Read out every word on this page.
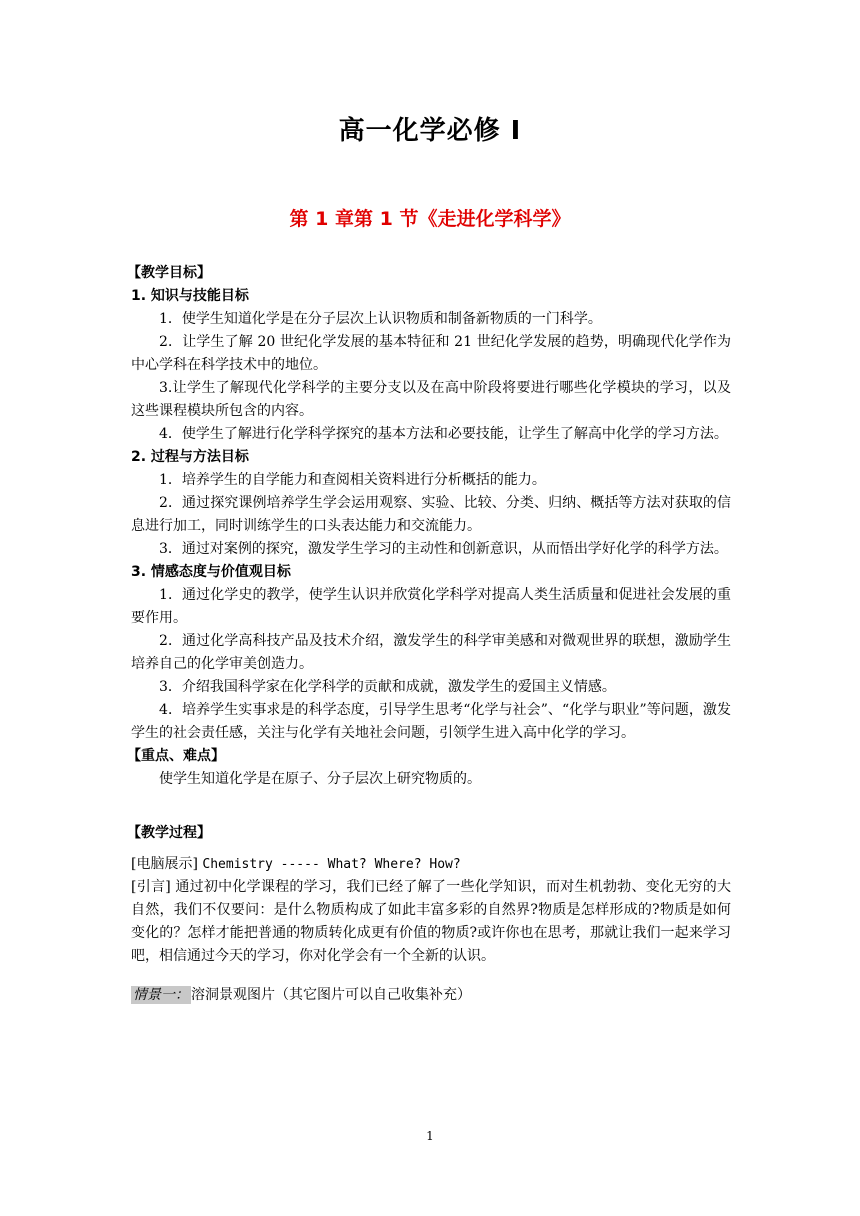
高一化学必修 I
第 1 章第 1 节《走进化学科学》
【教学目标】
1. 知识与技能目标
1．使学生知道化学是在分子层次上认识物质和制备新物质的一门科学。
2．让学生了解 20 世纪化学发展的基本特征和 21 世纪化学发展的趋势，明确现代化学作为中心学科在科学技术中的地位。
3.让学生了解现代化学科学的主要分支以及在高中阶段将要进行哪些化学模块的学习，以及这些课程模块所包含的内容。
4．使学生了解进行化学科学探究的基本方法和必要技能，让学生了解高中化学的学习方法。
2. 过程与方法目标
1．培养学生的自学能力和查阅相关资料进行分析概括的能力。
2．通过探究课例培养学生学会运用观察、实验、比较、分类、归纳、概括等方法对获取的信息进行加工，同时训练学生的口头表达能力和交流能力。
3．通过对案例的探究，激发学生学习的主动性和创新意识，从而悟出学好化学的科学方法。
3. 情感态度与价值观目标
1．通过化学史的教学，使学生认识并欣赏化学科学对提高人类生活质量和促进社会发展的重要作用。
2．通过化学高科技产品及技术介绍，激发学生的科学审美感和对微观世界的联想，激励学生培养自己的化学审美创造力。
3．介绍我国科学家在化学科学的贡献和成就，激发学生的爱国主义情感。
4．培养学生实事求是的科学态度，引导学生思考“化学与社会”、“化学与职业”等问题，激发学生的社会责任感，关注与化学有关地社会问题，引领学生进入高中化学的学习。
【重点、难点】
使学生知道化学是在原子、分子层次上研究物质的。
【教学过程】
[电脑展示] Chemistry ----- What? Where? How?
[引言] 通过初中化学课程的学习，我们已经了解了一些化学知识，而对生机勃勃、变化无穷的大自然，我们不仅要问：是什么物质构成了如此丰富多彩的自然界?物质是怎样形成的?物质是如何变化的？怎样才能把普通的物质转化成更有价值的物质?或许你也在思考，那就让我们一起来学习吧，相信通过今天的学习，你对化学会有一个全新的认识。
情景一： 溶洞景观图片（其它图片可以自己收集补充）
1
